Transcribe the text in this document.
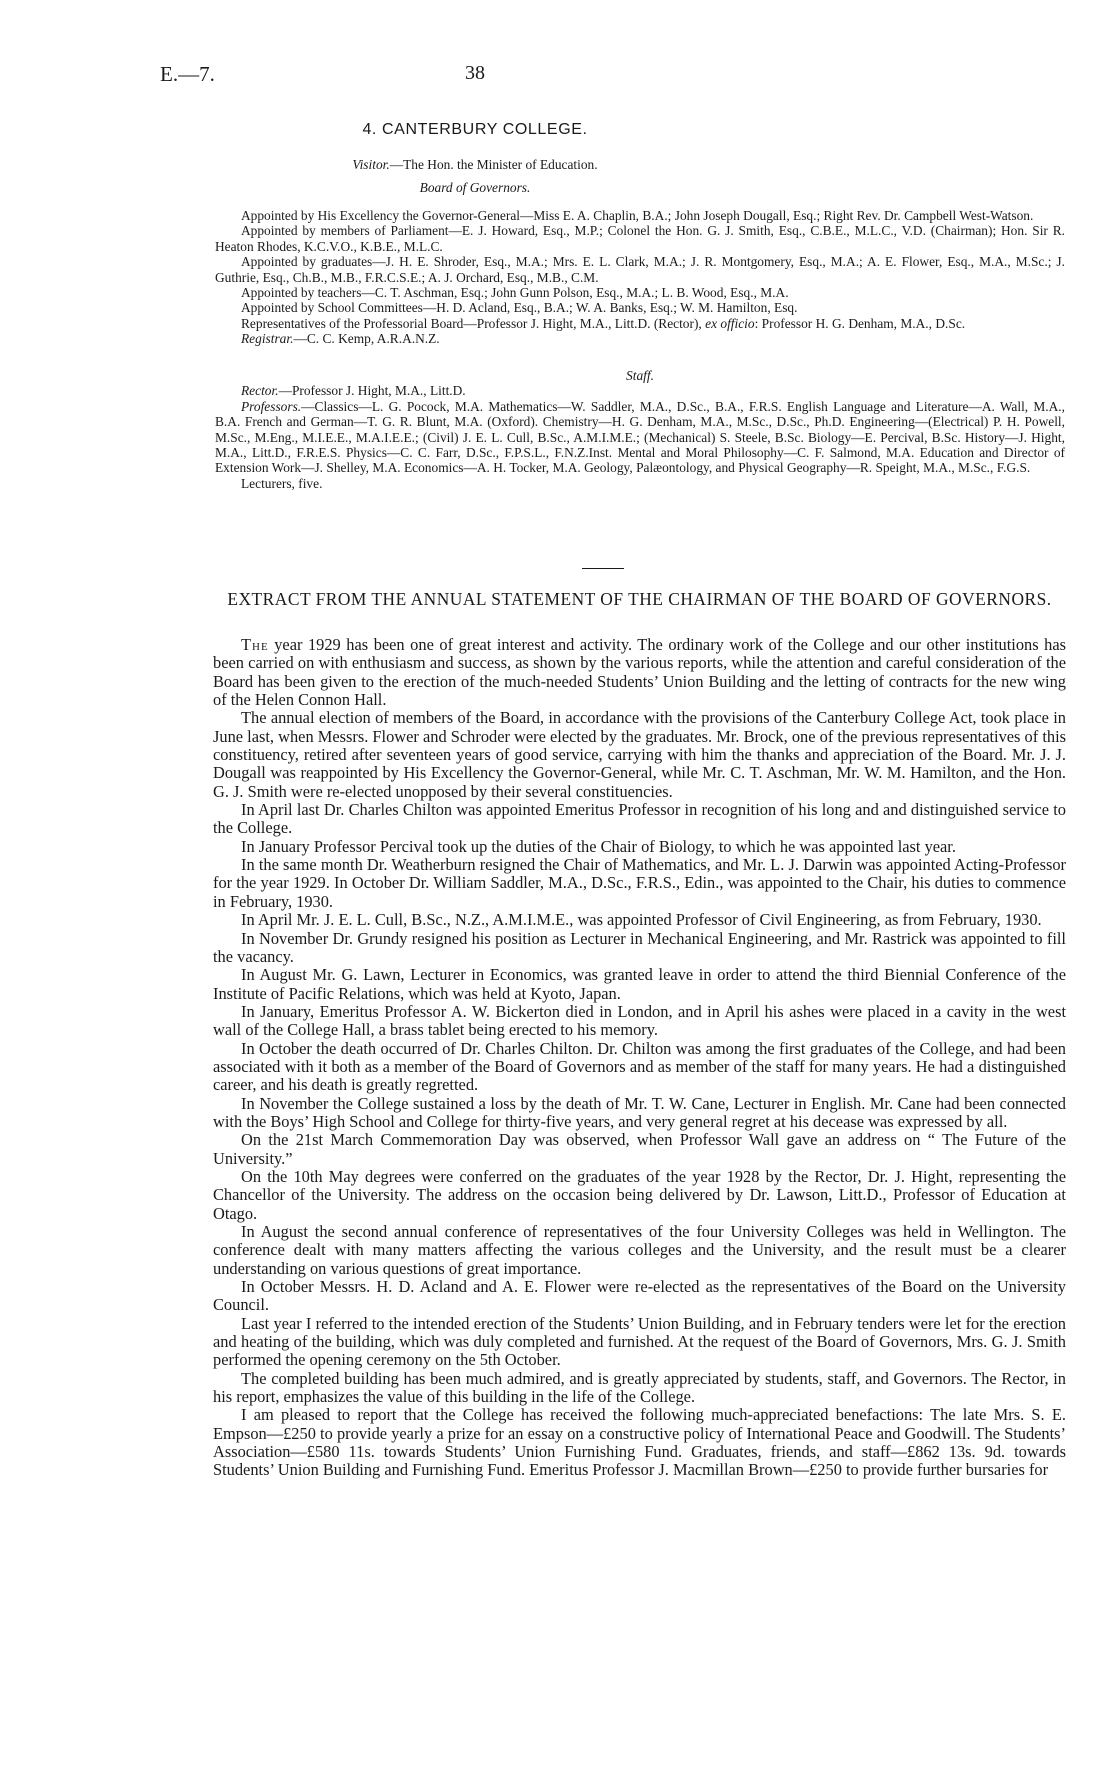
E.—7.	38
4. CANTERBURY COLLEGE.
Visitor.—The Hon. the Minister of Education.
Board of Governors.
Appointed by His Excellency the Governor-General—Miss E. A. Chaplin, B.A.; John Joseph Dougall, Esq.; Right Rev. Dr. Campbell West-Watson.
Appointed by members of Parliament—E. J. Howard, Esq., M.P.; Colonel the Hon. G. J. Smith, Esq., C.B.E., M.L.C., V.D. (Chairman); Hon. Sir R. Heaton Rhodes, K.C.V.O., K.B.E., M.L.C.
Appointed by graduates—J. H. E. Shroder, Esq., M.A.; Mrs. E. L. Clark, M.A.; J. R. Montgomery, Esq., M.A.; A. E. Flower, Esq., M.A., M.Sc.; J. Guthrie, Esq., Ch.B., M.B., F.R.C.S.E.; A. J. Orchard, Esq., M.B., C.M.
Appointed by teachers—C. T. Aschman, Esq.; John Gunn Polson, Esq., M.A.; L. B. Wood, Esq., M.A.
Appointed by School Committees—H. D. Acland, Esq., B.A.; W. A. Banks, Esq.; W. M. Hamilton, Esq.
Representatives of the Professorial Board—Professor J. Hight, M.A., Litt.D. (Rector), ex officio: Professor H. G. Denham, M.A., D.Sc.
Registrar.—C. C. Kemp, A.R.A.N.Z.
Staff.
Rector.—Professor J. Hight, M.A., Litt.D.
Professors.—Classics—L. G. Pocock, M.A. Mathematics—W. Saddler, M.A., D.Sc., B.A., F.R.S. English Language and Literature—A. Wall, M.A., B.A. French and German—T. G. R. Blunt, M.A. (Oxford). Chemistry—H. G. Denham, M.A., M.Sc., D.Sc., Ph.D. Engineering—(Electrical) P. H. Powell, M.Sc., M.Eng., M.I.E.E., M.A.I.E.E.; (Civil) J. E. L. Cull, B.Sc., A.M.I.M.E.; (Mechanical) S. Steele, B.Sc. Biology—E. Percival, B.Sc. History—J. Hight, M.A., Litt.D., F.R.E.S. Physics—C. C. Farr, D.Sc., F.P.S.L., F.N.Z.Inst. Mental and Moral Philosophy—C. F. Salmond, M.A. Education and Director of Extension Work—J. Shelley, M.A. Economics—A. H. Tocker, M.A. Geology, Palæontology, and Physical Geography—R. Speight, M.A., M.Sc., F.G.S.
Lecturers, five.
EXTRACT FROM THE ANNUAL STATEMENT OF THE CHAIRMAN OF THE BOARD OF GOVERNORS.

The year 1929 has been one of great interest and activity. The ordinary work of the College and our other institutions has been carried on with enthusiasm and success, as shown by the various reports, while the attention and careful consideration of the Board has been given to the erection of the much-needed Students’ Union Building and the letting of contracts for the new wing of the Helen Connon Hall.

The annual election of members of the Board, in accordance with the provisions of the Canterbury College Act, took place in June last, when Messrs. Flower and Schroder were elected by the graduates. Mr. Brock, one of the previous representatives of this constituency, retired after seventeen years of good service, carrying with him the thanks and appreciation of the Board. Mr. J. J. Dougall was reappointed by His Excellency the Governor-General, while Mr. C. T. Aschman, Mr. W. M. Hamilton, and the Hon. G. J. Smith were re-elected unopposed by their several constituencies.

In April last Dr. Charles Chilton was appointed Emeritus Professor in recognition of his long and and distinguished service to the College.

In January Professor Percival took up the duties of the Chair of Biology, to which he was appointed last year.

In the same month Dr. Weatherburn resigned the Chair of Mathematics, and Mr. L. J. Darwin was appointed Acting-Professor for the year 1929. In October Dr. William Saddler, M.A., D.Sc., F.R.S., Edin., was appointed to the Chair, his duties to commence in February, 1930.

In April Mr. J. E. L. Cull, B.Sc., N.Z., A.M.I.M.E., was appointed Professor of Civil Engineering, as from February, 1930.

In November Dr. Grundy resigned his position as Lecturer in Mechanical Engineering, and Mr. Rastrick was appointed to fill the vacancy.

In August Mr. G. Lawn, Lecturer in Economics, was granted leave in order to attend the third Biennial Conference of the Institute of Pacific Relations, which was held at Kyoto, Japan.

In January, Emeritus Professor A. W. Bickerton died in London, and in April his ashes were placed in a cavity in the west wall of the College Hall, a brass tablet being erected to his memory.

In October the death occurred of Dr. Charles Chilton. Dr. Chilton was among the first graduates of the College, and had been associated with it both as a member of the Board of Governors and as member of the staff for many years. He had a distinguished career, and his death is greatly regretted.

In November the College sustained a loss by the death of Mr. T. W. Cane, Lecturer in English. Mr. Cane had been connected with the Boys’ High School and College for thirty-five years, and very general regret at his decease was expressed by all.

On the 21st March Commemoration Day was observed, when Professor Wall gave an address on “ The Future of the University.”

On the 10th May degrees were conferred on the graduates of the year 1928 by the Rector, Dr. J. Hight, representing the Chancellor of the University. The address on the occasion being delivered by Dr. Lawson, Litt.D., Professor of Education at Otago.

In August the second annual conference of representatives of the four University Colleges was held in Wellington. The conference dealt with many matters affecting the various colleges and the University, and the result must be a clearer understanding on various questions of great importance.

In October Messrs. H. D. Acland and A. E. Flower were re-elected as the representatives of the Board on the University Council.

Last year I referred to the intended erection of the Students’ Union Building, and in February tenders were let for the erection and heating of the building, which was duly completed and furnished. At the request of the Board of Governors, Mrs. G. J. Smith performed the opening ceremony on the 5th October.

The completed building has been much admired, and is greatly appreciated by students, staff, and Governors. The Rector, in his report, emphasizes the value of this building in the life of the College.

I am pleased to report that the College has received the following much-appreciated benefactions: The late Mrs. S. E. Empson—£250 to provide yearly a prize for an essay on a constructive policy of International Peace and Goodwill. The Students’ Association—£580 11s. towards Students’ Union Furnishing Fund. Graduates, friends, and staff—£862 13s. 9d. towards Students’ Union Building and Furnishing Fund. Emeritus Professor J. Macmillan Brown—£250 to provide further bursaries for
